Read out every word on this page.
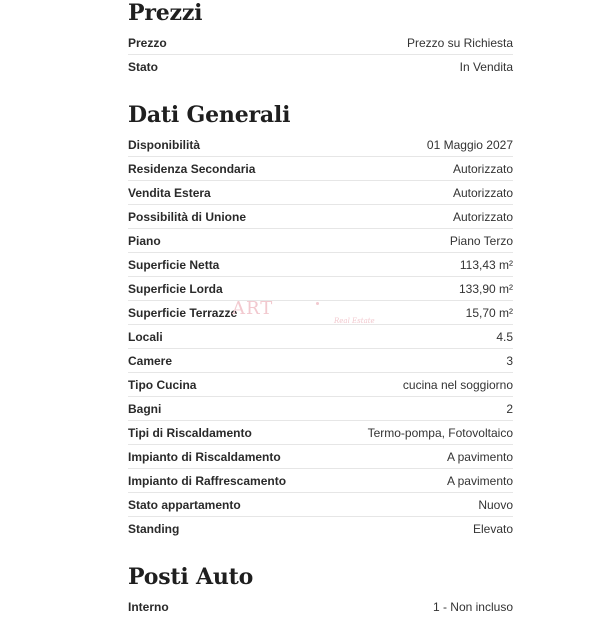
Prezzi
Prezzo	Prezzo su Richiesta
Stato	In Vendita
Dati Generali
Disponibilità	01 Maggio 2027
Residenza Secondaria	Autorizzato
Vendita Estera	Autorizzato
Possibilità di Unione	Autorizzato
Piano	Piano Terzo
Superficie Netta	113,43 m²
Superficie Lorda	133,90 m²
Superficie Terrazze	15,70 m²
Locali	4.5
Camere	3
Tipo Cucina	cucina nel soggiorno
Bagni	2
Tipi di Riscaldamento	Termo-pompa, Fotovoltaico
Impianto di Riscaldamento	A pavimento
Impianto di Raffrescamento	A pavimento
Stato appartamento	Nuovo
Standing	Elevato
Posti Auto
Interno	1 - Non incluso
ART
Real Estate
